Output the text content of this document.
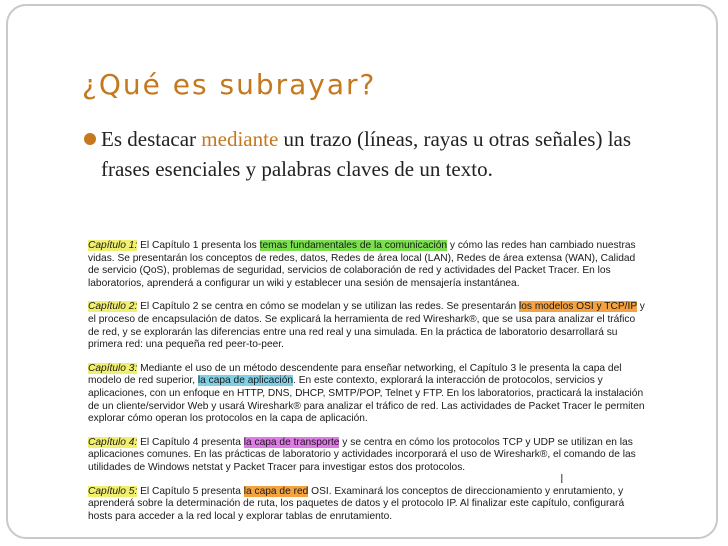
¿Qué es subrayar?
Es destacar mediante un trazo (líneas, rayas u otras señales) las frases esenciales y palabras claves de un texto.

Capítulo 1: El Capítulo 1 presenta los temas fundamentales de la comunicación y cómo las redes han cambiado nuestras vidas. Se presentarán los conceptos de redes, datos, Redes de área local (LAN), Redes de área extensa (WAN), Calidad de servicio (QoS), problemas de seguridad, servicios de colaboración de red y actividades del Packet Tracer. En los laboratorios, aprenderá a configurar un wiki y establecer una sesión de mensajería instantánea.

Capítulo 2: El Capítulo 2 se centra en cómo se modelan y se utilizan las redes. Se presentarán los modelos OSI y TCP/IP y el proceso de encapsulación de datos. Se explicará la herramienta de red Wireshark®, que se usa para analizar el tráfico de red, y se explorarán las diferencias entre una red real y una simulada. En la práctica de laboratorio desarrollará su primera red: una pequeña red peer-to-peer.

Capítulo 3: Mediante el uso de un método descendente para enseñar networking, el Capítulo 3 le presenta la capa del modelo de red superior, la capa de aplicación. En este contexto, explorará la interacción de protocolos, servicios y aplicaciones, con un enfoque en HTTP, DNS, DHCP, SMTP/POP, Telnet y FTP. En los laboratorios, practicará la instalación de un cliente/servidor Web y usará Wireshark® para analizar el tráfico de red. Las actividades de Packet Tracer le permiten explorar cómo operan los protocolos en la capa de aplicación.

Capítulo 4: El Capítulo 4 presenta la capa de transporte y se centra en cómo los protocolos TCP y UDP se utilizan en las aplicaciones comunes. En las prácticas de laboratorio y actividades incorporará el uso de Wireshark®, el comando de las utilidades de Windows netstat y Packet Tracer para investigar estos dos protocolos.

Capítulo 5: El Capítulo 5 presenta la capa de red OSI. Examinará los conceptos de direccionamiento y enrutamiento, y aprenderá sobre la determinación de ruta, los paquetes de datos y el protocolo IP. Al finalizar este capítulo, configurará hosts para acceder a la red local y explorar tablas de enrutamiento.

I
